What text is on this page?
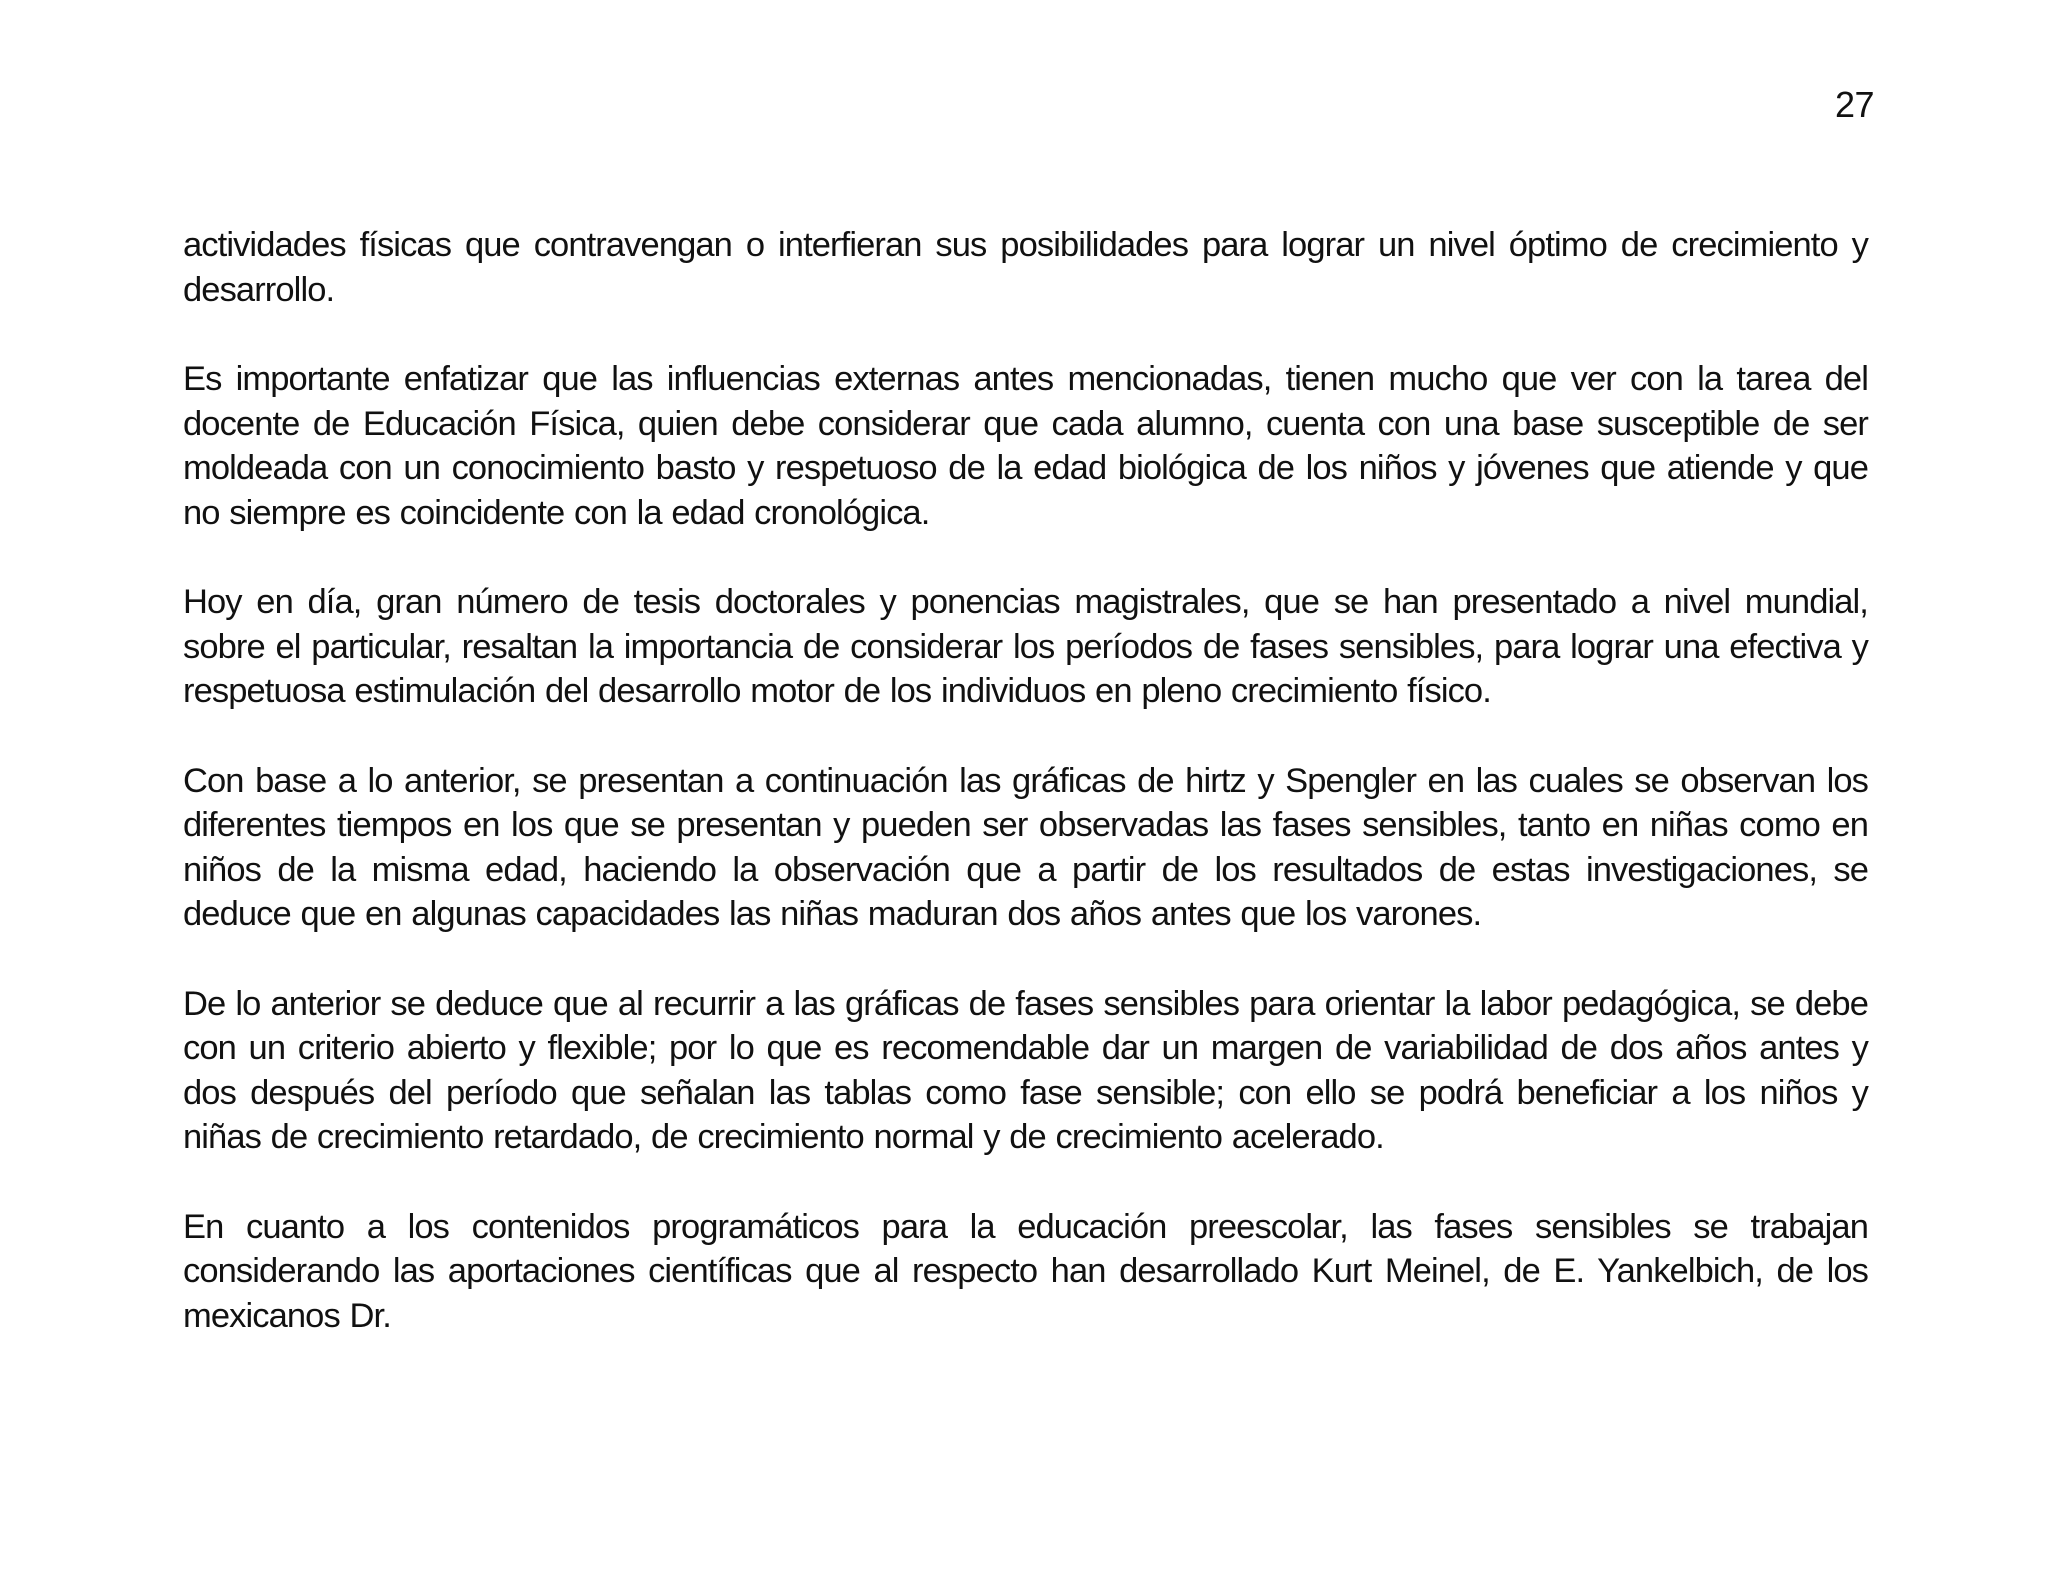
27

actividades físicas que contravengan o interfieran sus posibilidades para lograr un nivel óptimo de crecimiento y desarrollo.

Es importante enfatizar que las influencias externas antes mencionadas, tienen mucho que ver con la tarea del docente de Educación Física, quien debe considerar que cada alumno, cuenta con una base susceptible de ser moldeada con un conocimiento basto y respetuoso de la edad biológica de los niños y jóvenes que atiende y que no siempre es coincidente con la edad cronológica.

Hoy en día, gran número de tesis doctorales y ponencias magistrales, que se han presentado a nivel mundial, sobre el particular, resaltan la importancia de considerar los períodos de fases sensibles, para lograr una efectiva y respetuosa estimulación del desarrollo motor de los individuos en pleno crecimiento físico.

Con base a lo anterior, se presentan a continuación las gráficas de hirtz y Spengler en las cuales se observan los diferentes tiempos en los que se presentan y pueden ser observadas las fases sensibles, tanto en niñas como en niños de la misma edad, haciendo la observación que a partir de los resultados de estas investigaciones, se deduce que en algunas capacidades las niñas maduran dos años antes que los varones.

De lo anterior se deduce que al recurrir a las gráficas de fases sensibles para orientar la labor pedagógica, se debe con un criterio abierto y flexible; por lo que es recomendable dar un margen de variabilidad de dos años antes y dos después del período que señalan las tablas como fase sensible; con ello se podrá beneficiar a los niños y niñas de crecimiento retardado, de crecimiento normal y de crecimiento acelerado.

En cuanto a los contenidos programáticos para la educación preescolar, las fases sensibles se trabajan considerando las aportaciones científicas que al respecto han desarrollado Kurt Meinel, de E. Yankelbich, de los mexicanos Dr.
